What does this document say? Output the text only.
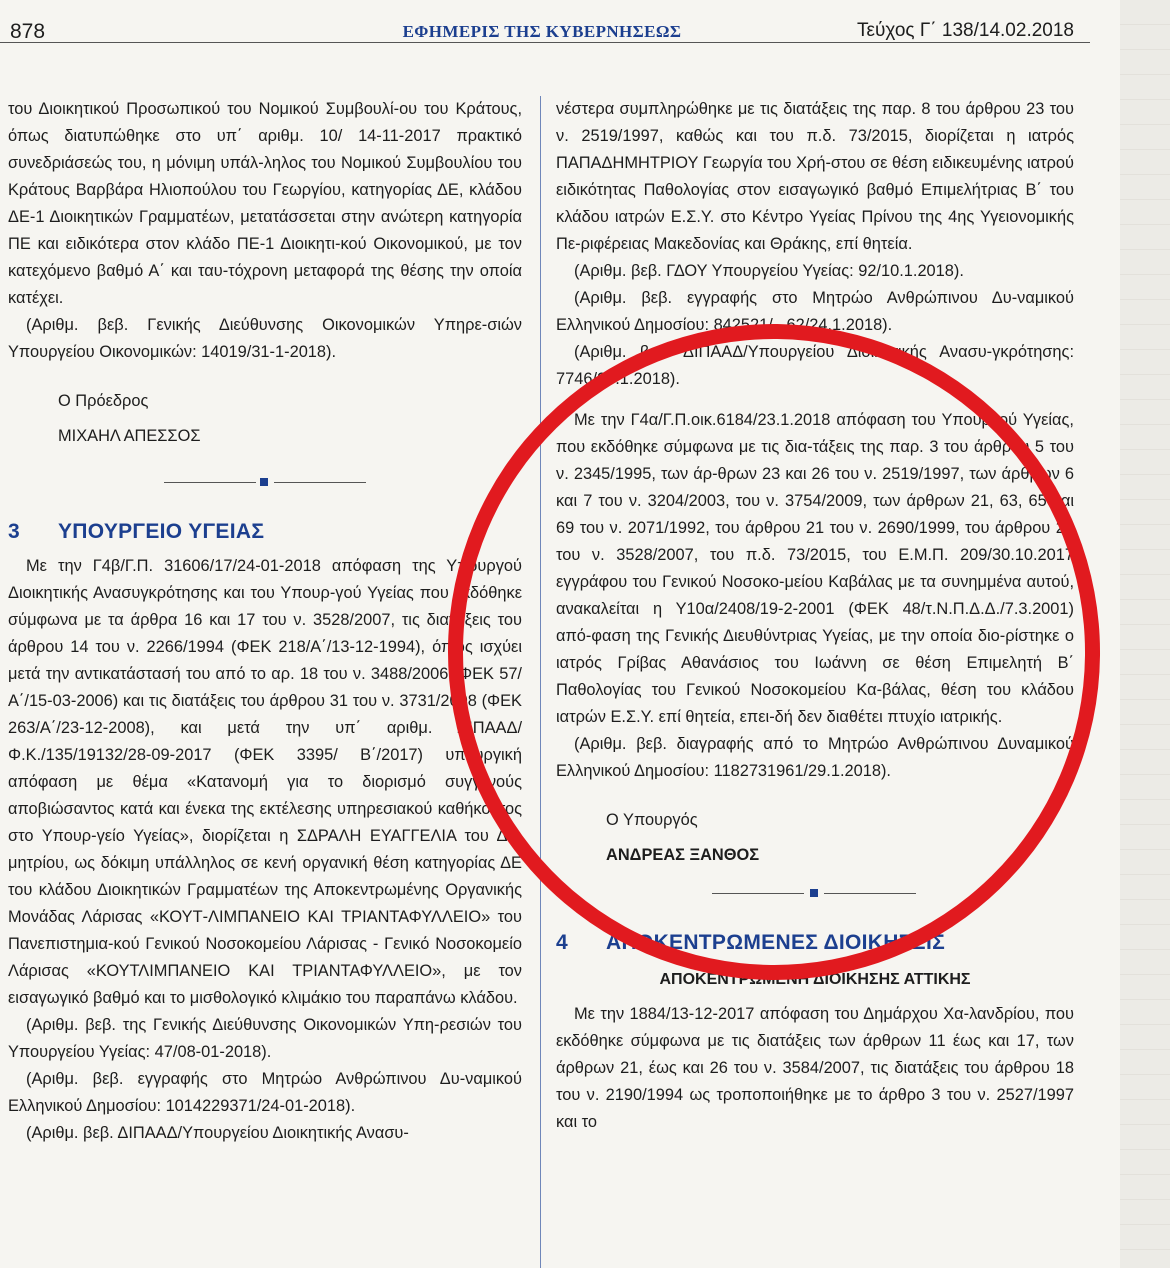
878	ΕΦΗΜΕΡΙΣ ΤΗΣ ΚΥΒΕΡΝΗΣΕΩΣ	Τεύχος Γ΄ 138/14.02.2018

του Διοικητικού Προσωπικού του Νομικού Συμβουλί-ου του Κράτους, όπως διατυπώθηκε στο υπ΄ αριθμ. 10/ 14-11-2017 πρακτικό συνεδριάσεώς του, η μόνιμη υπάλ-ληλος του Νομικού Συμβουλίου του Κράτους Βαρβάρα Ηλιοπούλου του Γεωργίου, κατηγορίας ΔΕ, κλάδου ΔΕ-1 Διοικητικών Γραμματέων, μετατάσσεται στην ανώτερη κατηγορία ΠΕ και ειδικότερα στον κλάδο ΠΕ-1 Διοικητι-κού Οικονομικού, με τον κατεχόμενο βαθμό Α΄ και ταυ-τόχρονη μεταφορά της θέσης την οποία κατέχει.

(Αριθμ. βεβ. Γενικής Διεύθυνσης Οικονομικών Υπηρε-σιών Υπουργείου Οικονομικών: 14019/31-1-2018).

Ο Πρόεδρος

ΜΙΧΑΗΛ ΑΠΕΣΣΟΣ

3	ΥΠΟΥΡΓΕΙΟ ΥΓΕΙΑΣ

Με την Γ4β/Γ.Π. 31606/17/24-01-2018 απόφαση της Υπουργού Διοικητικής Ανασυγκρότησης και του Υπουρ-γού Υγείας που εκδόθηκε σύμφωνα με τα άρθρα 16 και 17 του ν. 3528/2007, τις διατάξεις του άρθρου 14 του ν. 2266/1994 (ΦΕΚ 218/Α΄/13-12-1994), όπως ισχύει μετά την αντικατάστασή του από το αρ. 18 του ν. 3488/2006 (ΦΕΚ 57/Α΄/15-03-2006) και τις διατάξεις του άρθρου 31 του ν. 3731/2008 (ΦΕΚ 263/Α΄/23-12-2008), και μετά την υπ΄ αριθμ. ΔΙΠΑΑΔ/Φ.Κ./135/19132/28-09-2017 (ΦΕΚ 3395/ Β΄/2017) υπουργική απόφαση με θέμα «Κατανομή για το διορισμό συγγενούς αποβιώσαντος κατά και ένεκα της εκτέλεσης υπηρεσιακού καθήκοντος στο Υπουρ-γείο Υγείας», διορίζεται η ΣΔΡΑΛΗ ΕΥΑΓΓΕΛΙΑ του Δη-μητρίου, ως δόκιμη υπάλληλος σε κενή οργανική θέση κατηγορίας ΔΕ του κλάδου Διοικητικών Γραμματέων της Αποκεντρωμένης Οργανικής Μονάδας Λάρισας «ΚΟΥΤ-ΛΙΜΠΑΝΕΙΟ ΚΑΙ ΤΡΙΑΝΤΑΦΥΛΛΕΙΟ» του Πανεπιστημια-κού Γενικού Νοσοκομείου Λάρισας - Γενικό Νοσοκομείο Λάρισας «ΚΟΥΤΛΙΜΠΑΝΕΙΟ ΚΑΙ ΤΡΙΑΝΤΑΦΥΛΛΕΙΟ», με τον εισαγωγικό βαθμό και το μισθολογικό κλιμάκιο του παραπάνω κλάδου.

(Αριθμ. βεβ. της Γενικής Διεύθυνσης Οικονομικών Υπη-ρεσιών του Υπουργείου Υγείας: 47/08-01-2018).

(Αριθμ. βεβ. εγγραφής στο Μητρώο Ανθρώπινου Δυ-ναμικού Ελληνικού Δημοσίου: 1014229371/24-01-2018).

(Αριθμ. βεβ. ΔΙΠΑΑΔ/Υπουργείου Διοικητικής Ανασυ-

νέστερα συμπληρώθηκε με τις διατάξεις της παρ. 8 του άρθρου 23 του ν. 2519/1997, καθώς και του π.δ. 73/2015, διορίζεται η ιατρός ΠΑΠΑΔΗΜΗΤΡΙΟΥ Γεωργία του Χρή-στου σε θέση ειδικευμένης ιατρού ειδικότητας Παθολογίας στον εισαγωγικό βαθμό Επιμελήτριας Β΄ του κλάδου ιατρών Ε.Σ.Υ. στο Κέντρο Υγείας Πρίνου της 4ης Υγειονομικής Πε-ριφέρειας Μακεδονίας και Θράκης, επί θητεία.

(Αριθμ. βεβ. ΓΔΟΥ Υπουργείου Υγείας: 92/10.1.2018).

(Αριθμ. βεβ. εγγραφής στο Μητρώο Ανθρώπινου Δυ-ναμικού Ελληνικού Δημοσίου: 842521/...62/24.1.2018).

(Αριθμ. βεβ. ΔΙΠΑΑΔ/Υπουργείου Διοικητικής Ανασυ-γκρότησης: 7746/24.1.2018).

Με την Γ4α/Γ.Π.οικ.6184/23.1.2018 απόφαση του Υπουργού Υγείας, που εκδόθηκε σύμφωνα με τις δια-τάξεις της παρ. 3 του άρθρου 5 του ν. 2345/1995, των άρ-θρων 23 και 26 του ν. 2519/1997, των άρθρων 6 και 7 του ν. 3204/2003, του ν. 3754/2009, των άρθρων 21, 63, 65 και 69 του ν. 2071/1992, του άρθρου 21 του ν. 2690/1999, του άρθρου 20 του ν. 3528/2007, του π.δ. 73/2015, του Ε.Μ.Π. 209/30.10.2017 εγγράφου του Γενικού Νοσοκο-μείου Καβάλας με τα συνημμένα αυτού, ανακαλείται η Υ10α/2408/19-2-2001 (ΦΕΚ 48/τ.Ν.Π.Δ.Δ./7.3.2001) από-φαση της Γενικής Διευθύντριας Υγείας, με την οποία διο-ρίστηκε ο ιατρός Γρίβας Αθανάσιος του Ιωάννη σε θέση Επιμελητή Β΄ Παθολογίας του Γενικού Νοσοκομείου Κα-βάλας, θέση του κλάδου ιατρών Ε.Σ.Υ. επί θητεία, επει-δή δεν διαθέτει πτυχίο ιατρικής.

(Αριθμ. βεβ. διαγραφής από το Μητρώο Ανθρώπινου Δυναμικού Ελληνικού Δημοσίου: 1182731961/29.1.2018).

Ο Υπουργός

ΑΝΔΡΕΑΣ ΞΑΝΘΟΣ

4	ΑΠΟΚΕΝΤΡΩΜΕΝΕΣ ΔΙΟΙΚΗΣΕΙΣ
ΑΠΟΚΕΝΤΡΩΜΕΝΗ ΔΙΟΙΚΗΣΗΣ ΑΤΤΙΚΗΣ

Με την 1884/13-12-2017 απόφαση του Δημάρχου Χα-λανδρίου, που εκδόθηκε σύμφωνα με τις διατάξεις των άρθρων 11 έως και 17, των άρθρων 21, έως και 26 του ν. 3584/2007, τις διατάξεις του άρθρου 18 του ν. 2190/1994 ως τροποποιήθηκε με το άρθρο 3 του ν. 2527/1997 και το
